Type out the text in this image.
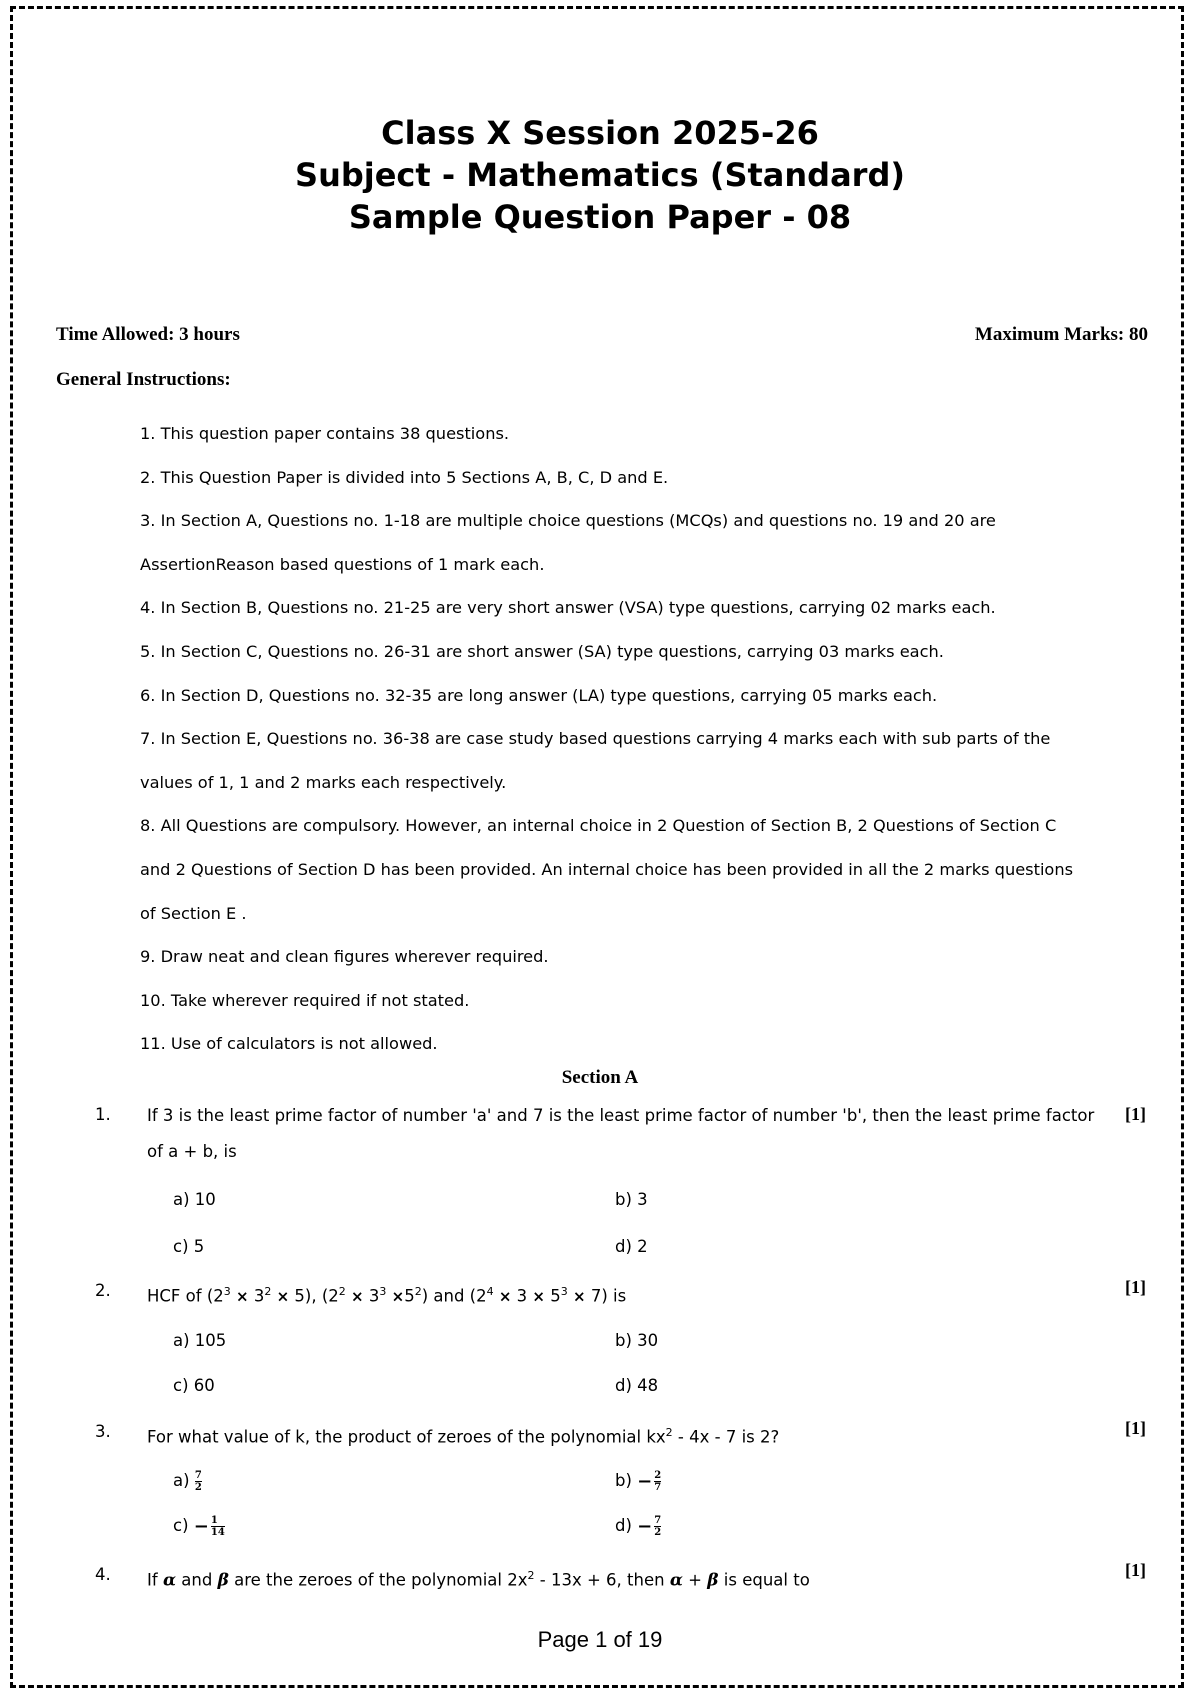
Class X Session 2025-26
Subject - Mathematics (Standard)
Sample Question Paper - 08
Time Allowed: 3 hours	Maximum Marks: 80
General Instructions:
1. This question paper contains 38 questions.
2. This Question Paper is divided into 5 Sections A, B, C, D and E.
3. In Section A, Questions no. 1-18 are multiple choice questions (MCQs) and questions no. 19 and 20 are
AssertionReason based questions of 1 mark each.
4. In Section B, Questions no. 21-25 are very short answer (VSA) type questions, carrying 02 marks each.
5. In Section C, Questions no. 26-31 are short answer (SA) type questions, carrying 03 marks each.
6. In Section D, Questions no. 32-35 are long answer (LA) type questions, carrying 05 marks each.
7. In Section E, Questions no. 36-38 are case study based questions carrying 4 marks each with sub parts of the
values of 1, 1 and 2 marks each respectively.
8. All Questions are compulsory. However, an internal choice in 2 Question of Section B, 2 Questions of Section C
and 2 Questions of Section D has been provided. An internal choice has been provided in all the 2 marks questions
of Section E .
9. Draw neat and clean figures wherever required.
10. Take wherever required if not stated.
11. Use of calculators is not allowed.
Section A
1. If 3 is the least prime factor of number 'a' and 7 is the least prime factor of number 'b', then the least prime factor
of a + b, is
[1]
a) 10	b) 3
c) 5	d) 2
2. HCF of $(2^3 \times 3^2 \times 5)$, $(2^2 \times 3^3 \times 5^2)$ and $(2^4 \times 3 \times 5^3 \times 7)$ is	[1]
a) 105	b) 30
c) 60	d) 48
3. For what value of k, the product of zeroes of the polynomial $kx^2 - 4x - 7$ is 2?	[1]
$a) \frac{7}{2}$	$b) - \frac{2}{7}$
$c) - \frac{1}{14}$	$d) - \frac{7}{2}$
4. If α and β are the zeroes of the polynomial $2x^2 - 13x + 6$, then α + β is equal to	[1]
Page 1 of 19
